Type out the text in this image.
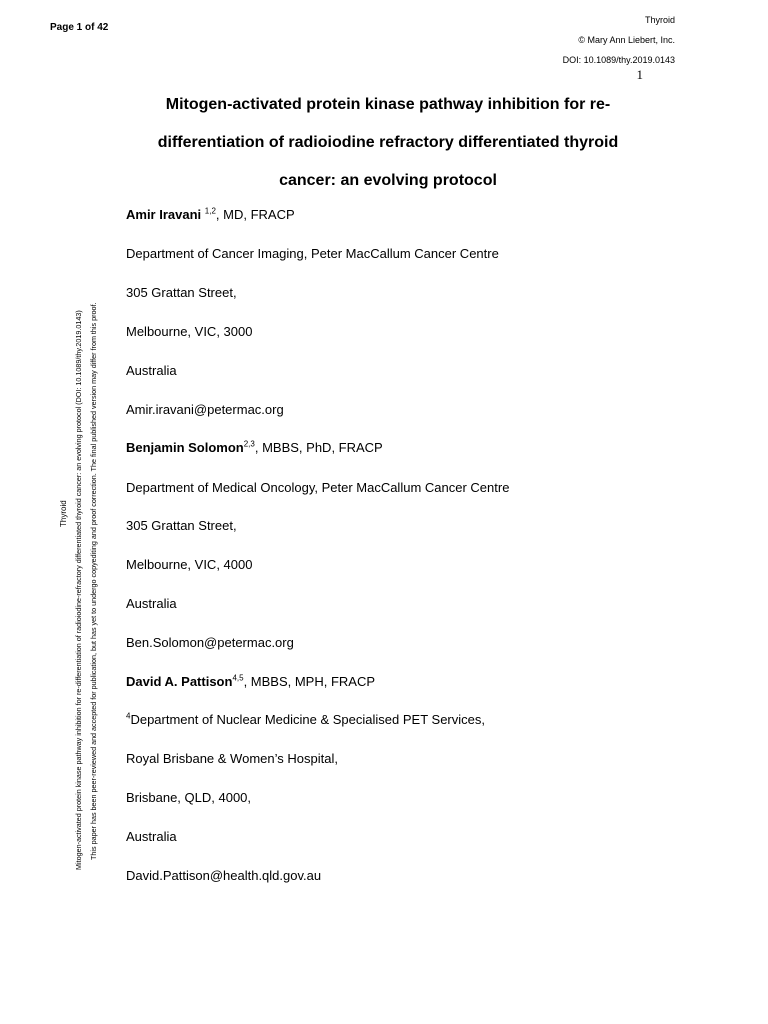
Page 1 of 42
Thyroid
© Mary Ann Liebert, Inc.
DOI: 10.1089/thy.2019.0143
1
Mitogen-activated protein kinase pathway inhibition for re-
differentiation of radioiodine refractory differentiated thyroid
cancer: an evolving protocol
Amir Iravani $^{1,2}$, MD, FRACP
Department of Cancer Imaging, Peter MacCallum Cancer Centre
305 Grattan Street,
Melbourne, VIC, 3000
Australia
Amir.iravani@petermac.org
Benjamin Solomon$^{2,3}$, MBBS, PhD, FRACP
Department of Medical Oncology, Peter MacCallum Cancer Centre
305 Grattan Street,
Melbourne, VIC, 4000
Australia
Ben.Solomon@petermac.org
David A. Pattison$^{4,5}$, MBBS, MPH, FRACP
$^4$Department of Nuclear Medicine & Specialised PET Services,
Royal Brisbane & Women’s Hospital,
Brisbane, QLD, 4000,
Australia
David.Pattison@health.qld.gov.au
Thyroid Mitogen-activated protein kinase pathway inhibition for re-differentiation of radioiodine-refractory differentiated thyroid cancer: an evolving protocol (DOI: 10.1089/thy.2019.0143) This paper has been peer-reviewed and accepted for publication, but has yet to undergo copyediting and proof correction. The final published version may differ from this proof.
